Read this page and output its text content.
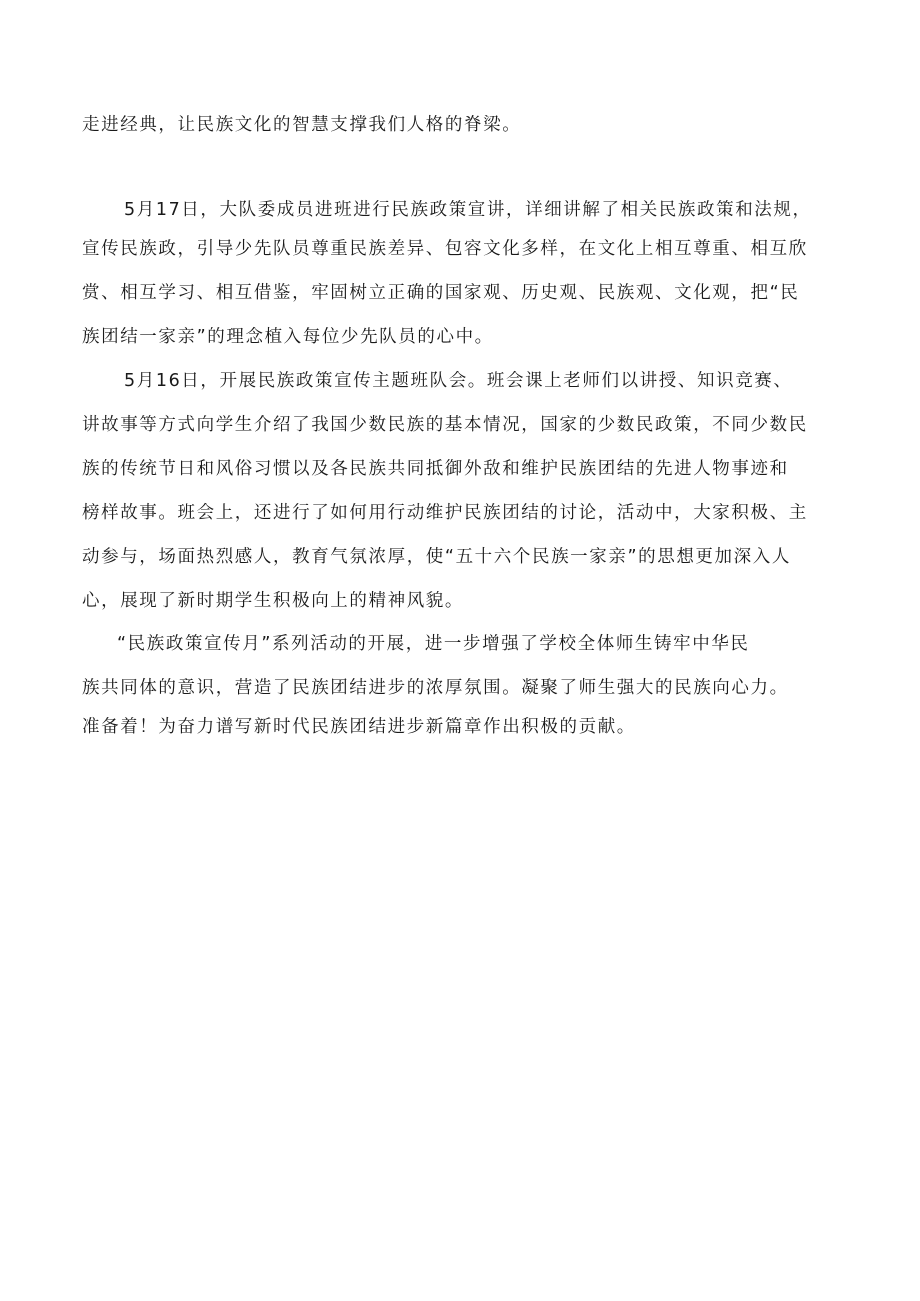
走进经典，让民族文化的智慧支撑我们人格的脊梁。

5月17日，大队委成员进班进行民族政策宣讲，详细讲解了相关民族政策和法规，

宣传民族政，引导少先队员尊重民族差异、包容文化多样，在文化上相互尊重、相互欣

赏、相互学习、相互借鉴，牢固树立正确的国家观、历史观、民族观、文化观，把“民

族团结一家亲”的理念植入每位少先队员的心中。

5月16日，开展民族政策宣传主题班队会。班会课上老师们以讲授、知识竞赛、

讲故事等方式向学生介绍了我国少数民族的基本情况，国家的少数民政策，不同少数民

族的传统节日和风俗习惯以及各民族共同抵御外敌和维护民族团结的先进人物事迹和

榜样故事。班会上，还进行了如何用行动维护民族团结的讨论，活动中，大家积极、主

动参与，场面热烈感人，教育气氛浓厚，使“五十六个民族一家亲”的思想更加深入人

心，展现了新时期学生积极向上的精神风貌。

“民族政策宣传月”系列活动的开展，进一步增强了学校全体师生铸牢中华民

族共同体的意识，营造了民族团结进步的浓厚氛围。凝聚了师生强大的民族向心力。

准备着！为奋力谱写新时代民族团结进步新篇章作出积极的贡献。
